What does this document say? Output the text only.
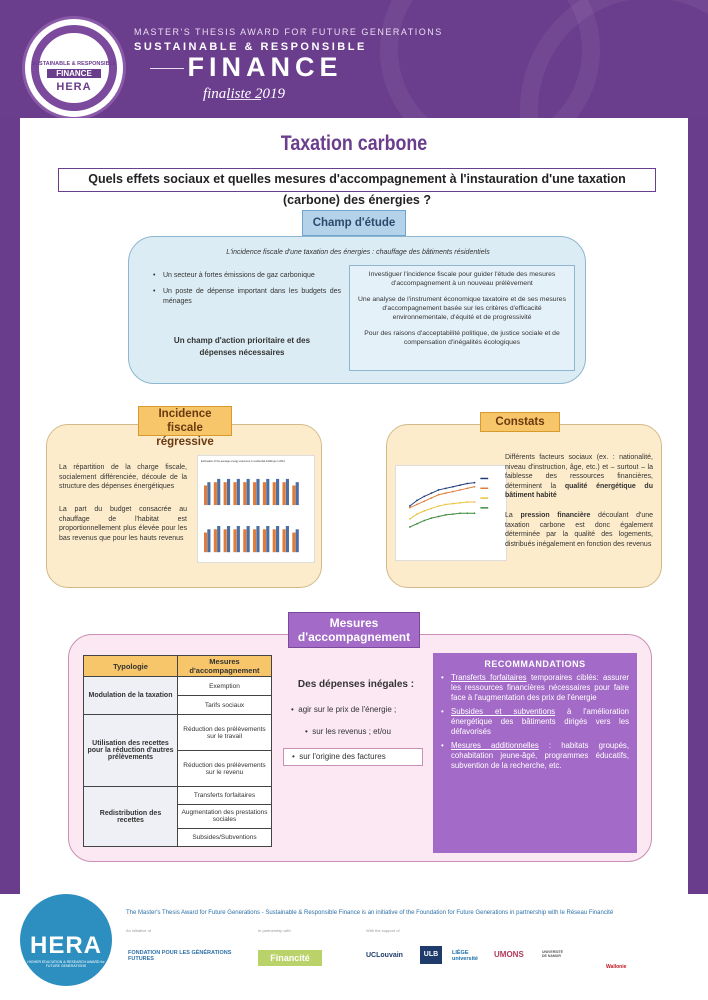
SUSTAINABLE & RESPONSIBLE
FINANCE
HERA
MASTER'S THESIS AWARD FOR FUTURE GENERATIONS
SUSTAINABLE & RESPONSIBLE
FINANCE
finaliste 2019
Taxation carbone
Quels effets sociaux et quelles mesures d'accompagnement à l'instauration d'une taxation (carbone) des énergies ?
Champ d'étude
L'incidence fiscale d'une taxation des énergies : chauffage des bâtiments résidentiels
• Un secteur à fortes émissions de gaz carbonique
• Un poste de dépense important dans les budgets des ménages
Un champ d'action prioritaire et des dépenses nécessaires

Investiguer l'incidence fiscale pour guider l'étude des mesures d'accompagnement à un nouveau prélèvement

Une analyse de l'instrument économique taxatoire et de ses mesures d'accompagnement basée sur les critères d'efficacité environnementale, d'équité et de progressivité

Pour des raisons d'acceptabilité politique, de justice sociale et de compensation d'inégalités écologiques

La répartition de la charge fiscale, socialement différenciée, découle de la structure des dépenses énergétiques
La part du budget consacrée au chauffage de l'habitat est proportionnellement plus élevée pour les bas revenus que pour les hauts revenus
Estimation of the average energy expenses in residential buildings in 2014
Incidence fiscale régressive
Différents facteurs sociaux (ex. : nationalité, niveau d'instruction, âge, etc.) et – surtout – la faiblesse des ressources financières, déterminent la qualité énergétique du bâtiment habité
La pression financière découlant d'une taxation carbone est donc également déterminée par la qualité des logements, distribués inégalement en fonction des revenus
Constats
Typologie	Mesures d'accompagnement
Modulation de la taxation	Exemption
	Tarifs sociaux
Utilisation des recettes pour la réduction d'autres prélèvements	Réduction des prélèvements sur le travail
	Réduction des prélèvements sur le revenu
Redistribution des recettes	Transferts forfaitaires
	Augmentation des prestations sociales
	Subsides/Subventions
Des dépenses inégales :
•  agir sur le prix de l'énergie ;
•  sur les revenus ; et/ou
•  sur l'origine des factures
RECOMMANDATIONS
• Transferts forfaitaires temporaires ciblés: assurer les ressources financières nécessaires pour faire face à l'augmentation des prix de l'énergie
• Subsides et subventions à l'amélioration énergétique des bâtiments dirigés vers les défavorisés
• Mesures additionnelles : habitats groupés, cohabitation jeune-âgé, programmes éducatifs, subvention de la recherche, etc.
Mesures d'accompagnement
HERA
HIGHER EDUCATION & RESEARCH AWARD for FUTURE GENERATIONS
The Master's Thesis Award for Future Generations - Sustainable & Responsible Finance is an initiative of the Foundation for Future Generations in partnership with le Réseau Financité
An initiative of	In partnership with	With the support of
FONDATION POUR LES GÉNÉRATIONS FUTURES	Financité	UCLouvain	ULB	LIÈGE université	UMONS	UNIVERSITÉ DE NAMUR
Wallonie
